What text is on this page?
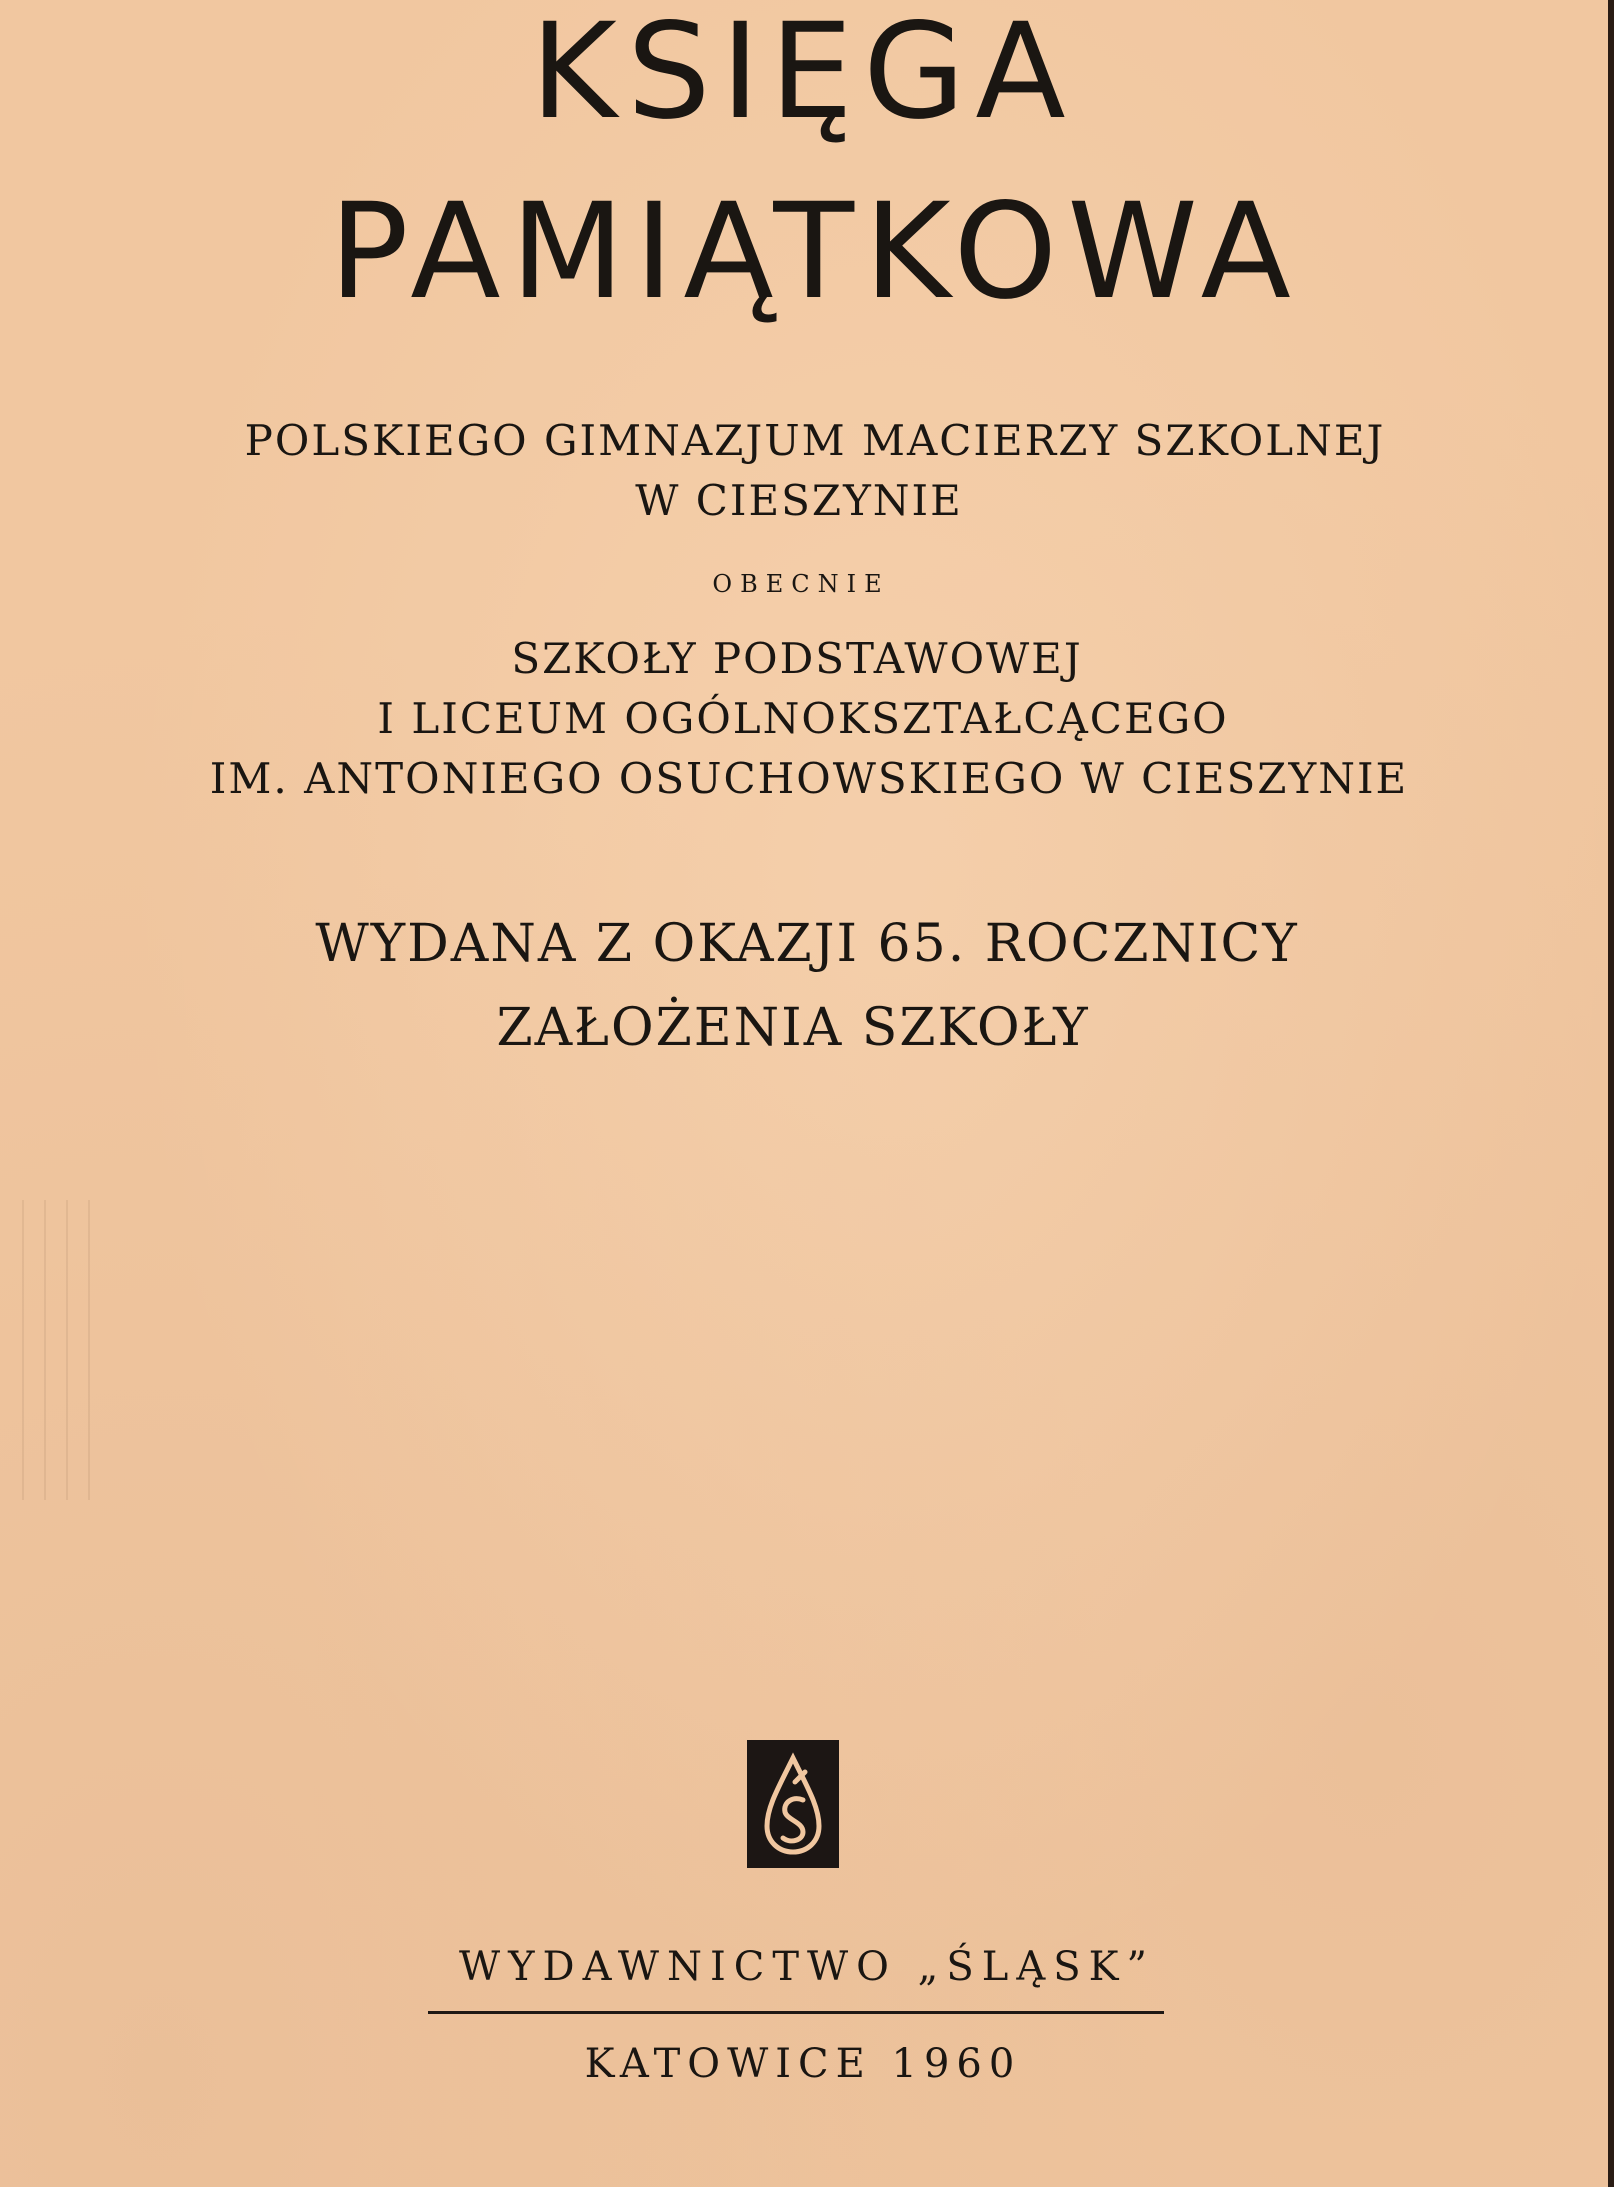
KSIĘGA
PAMIĄTKOWA
POLSKIEGO GIMNAZJUM MACIERZY SZKOLNEJ
W CIESZYNIE
OBECNIE
SZKOŁY PODSTAWOWEJ
I LICEUM OGÓLNOKSZTAŁCĄCEGO
IM. ANTONIEGO OSUCHOWSKIEGO W CIESZYNIE
WYDANA Z OKAZJI 65. ROCZNICY
ZAŁOŻENIA SZKOŁY
WYDAWNICTWO „ŚLĄSK”
KATOWICE 1960
